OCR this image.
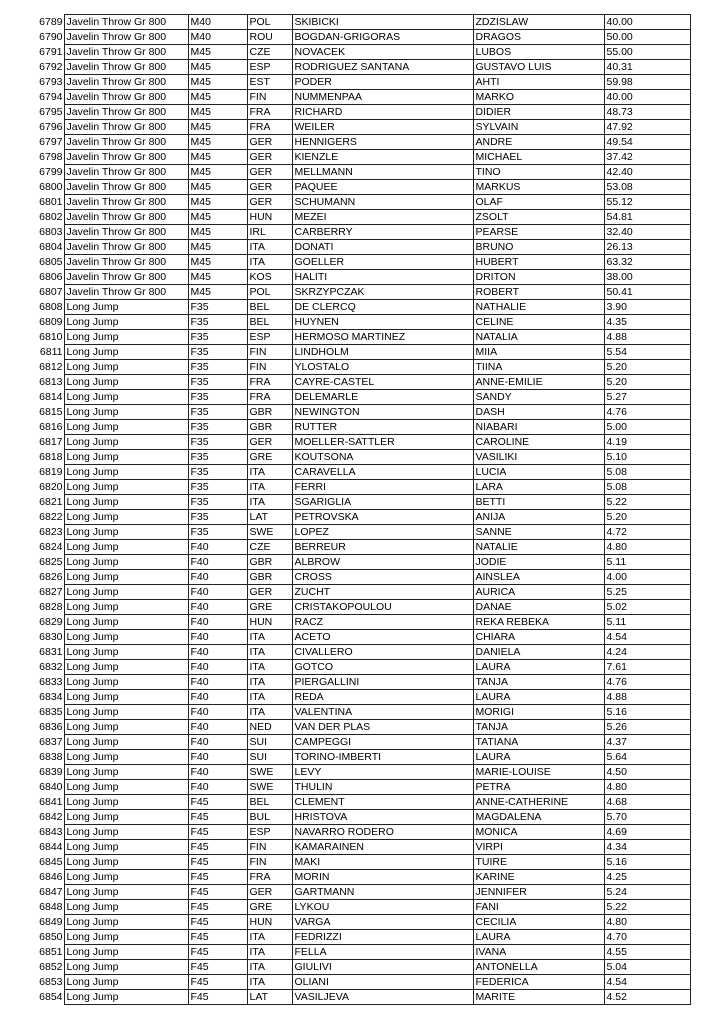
6789	Javelin Throw Gr 800	M40	POL	SKIBICKI	ZDZISLAW	40.00
6790	Javelin Throw Gr 800	M40	ROU	BOGDAN-GRIGORAS	DRAGOS	50.00
6791	Javelin Throw Gr 800	M45	CZE	NOVACEK	LUBOS	55.00
6792	Javelin Throw Gr 800	M45	ESP	RODRIGUEZ SANTANA	GUSTAVO LUIS	40.31
6793	Javelin Throw Gr 800	M45	EST	PODER	AHTI	59.98
6794	Javelin Throw Gr 800	M45	FIN	NUMMENPAA	MARKO	40.00
6795	Javelin Throw Gr 800	M45	FRA	RICHARD	DIDIER	48.73
6796	Javelin Throw Gr 800	M45	FRA	WEILER	SYLVAIN	47.92
6797	Javelin Throw Gr 800	M45	GER	HENNIGERS	ANDRE	49.54
6798	Javelin Throw Gr 800	M45	GER	KIENZLE	MICHAEL	37.42
6799	Javelin Throw Gr 800	M45	GER	MELLMANN	TINO	42.40
6800	Javelin Throw Gr 800	M45	GER	PAQUEE	MARKUS	53.08
6801	Javelin Throw Gr 800	M45	GER	SCHUMANN	OLAF	55.12
6802	Javelin Throw Gr 800	M45	HUN	MEZEI	ZSOLT	54.81
6803	Javelin Throw Gr 800	M45	IRL	CARBERRY	PEARSE	32.40
6804	Javelin Throw Gr 800	M45	ITA	DONATI	BRUNO	26.13
6805	Javelin Throw Gr 800	M45	ITA	GOELLER	HUBERT	63.32
6806	Javelin Throw Gr 800	M45	KOS	HALITI	DRITON	38.00
6807	Javelin Throw Gr 800	M45	POL	SKRZYPCZAK	ROBERT	50.41
6808	Long Jump	F35	BEL	DE CLERCQ	NATHALIE	3.90
6809	Long Jump	F35	BEL	HUYNEN	CELINE	4.35
6810	Long Jump	F35	ESP	HERMOSO MARTINEZ	NATALIA	4.88
6811	Long Jump	F35	FIN	LINDHOLM	MIIA	5.54
6812	Long Jump	F35	FIN	YLOSTALO	TIINA	5.20
6813	Long Jump	F35	FRA	CAYRE-CASTEL	ANNE-EMILIE	5.20
6814	Long Jump	F35	FRA	DELEMARLE	SANDY	5.27
6815	Long Jump	F35	GBR	NEWINGTON	DASH	4.76
6816	Long Jump	F35	GBR	RUTTER	NIABARI	5.00
6817	Long Jump	F35	GER	MOELLER-SATTLER	CAROLINE	4.19
6818	Long Jump	F35	GRE	KOUTSONA	VASILIKI	5.10
6819	Long Jump	F35	ITA	CARAVELLA	LUCIA	5.08
6820	Long Jump	F35	ITA	FERRI	LARA	5.08
6821	Long Jump	F35	ITA	SGARIGLIA	BETTI	5.22
6822	Long Jump	F35	LAT	PETROVSKA	ANIJA	5.20
6823	Long Jump	F35	SWE	LOPEZ	SANNE	4.72
6824	Long Jump	F40	CZE	BERREUR	NATALIE	4.80
6825	Long Jump	F40	GBR	ALBROW	JODIE	5.11
6826	Long Jump	F40	GBR	CROSS	AINSLEA	4.00
6827	Long Jump	F40	GER	ZUCHT	AURICA	5.25
6828	Long Jump	F40	GRE	CRISTAKOPOULOU	DANAE	5.02
6829	Long Jump	F40	HUN	RACZ	REKA REBEKA	5.11
6830	Long Jump	F40	ITA	ACETO	CHIARA	4.54
6831	Long Jump	F40	ITA	CIVALLERO	DANIELA	4.24
6832	Long Jump	F40	ITA	GOTCO	LAURA	7.61
6833	Long Jump	F40	ITA	PIERGALLINI	TANJA	4.76
6834	Long Jump	F40	ITA	REDA	LAURA	4.88
6835	Long Jump	F40	ITA	VALENTINA	MORIGI	5.16
6836	Long Jump	F40	NED	VAN DER PLAS	TANJA	5.26
6837	Long Jump	F40	SUI	CAMPEGGI	TATIANA	4.37
6838	Long Jump	F40	SUI	TORINO-IMBERTI	LAURA	5.64
6839	Long Jump	F40	SWE	LEVY	MARIE-LOUISE	4.50
6840	Long Jump	F40	SWE	THULIN	PETRA	4.80
6841	Long Jump	F45	BEL	CLEMENT	ANNE-CATHERINE	4.68
6842	Long Jump	F45	BUL	HRISTOVA	MAGDALENA	5.70
6843	Long Jump	F45	ESP	NAVARRO RODERO	MONICA	4.69
6844	Long Jump	F45	FIN	KAMARAINEN	VIRPI	4.34
6845	Long Jump	F45	FIN	MAKI	TUIRE	5.16
6846	Long Jump	F45	FRA	MORIN	KARINE	4.25
6847	Long Jump	F45	GER	GARTMANN	JENNIFER	5.24
6848	Long Jump	F45	GRE	LYKOU	FANI	5.22
6849	Long Jump	F45	HUN	VARGA	CECILIA	4.80
6850	Long Jump	F45	ITA	FEDRIZZI	LAURA	4.70
6851	Long Jump	F45	ITA	FELLA	IVANA	4.55
6852	Long Jump	F45	ITA	GIULIVI	ANTONELLA	5.04
6853	Long Jump	F45	ITA	OLIANI	FEDERICA	4.54
6854	Long Jump	F45	LAT	VASILJEVA	MARITE	4.52
